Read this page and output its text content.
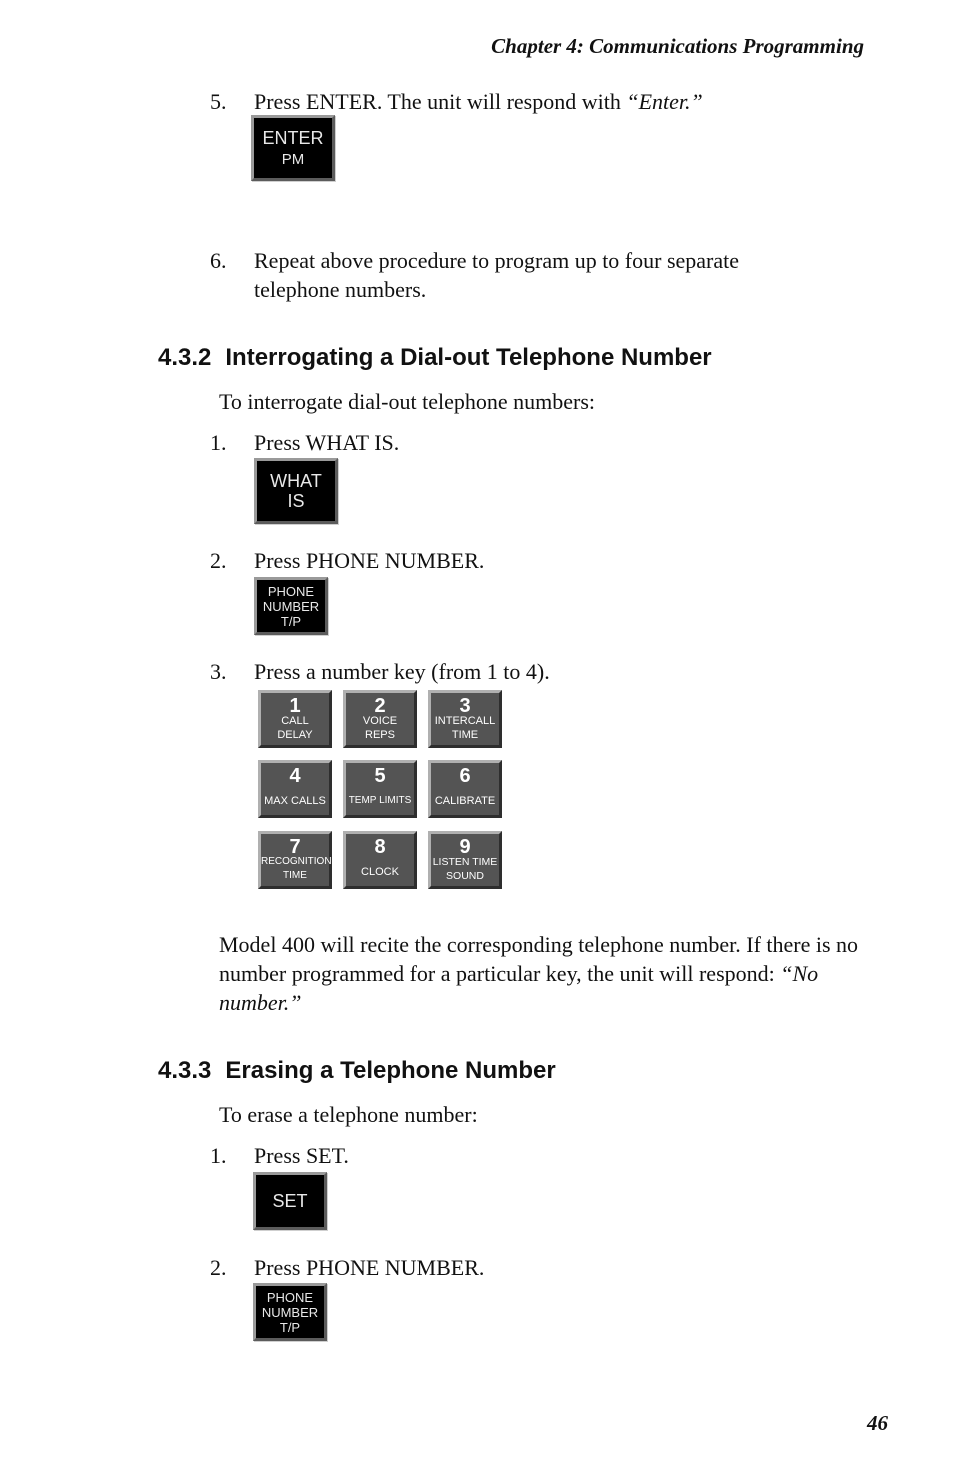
Chapter 4: Communications Programming
5.	Press ENTER. The unit will respond with “Enter.”
ENTER
PM
6.	Repeat above procedure to program up to four separate telephone numbers.
4.3.2 Interrogating a Dial-out Telephone Number
To interrogate dial-out telephone numbers:
1.	Press WHAT IS.
WHAT
IS
2.	Press PHONE NUMBER.
PHONE
NUMBER
T/P
3.	Press a number key (from 1 to 4).
1
CALL
DELAY
2
VOICE
REPS
3
INTERCALL
TIME
4
MAX CALLS
5
TEMP LIMITS
6
CALIBRATE
7
RECOGNITION
TIME
8
CLOCK
9
LISTEN TIME
SOUND
Model 400 will recite the corresponding telephone number. If there is no number programmed for a particular key, the unit will respond: “No number.”
4.3.3 Erasing a Telephone Number
To erase a telephone number:
1.	Press SET.
SET
2.	Press PHONE NUMBER.
PHONE
NUMBER
T/P
46
